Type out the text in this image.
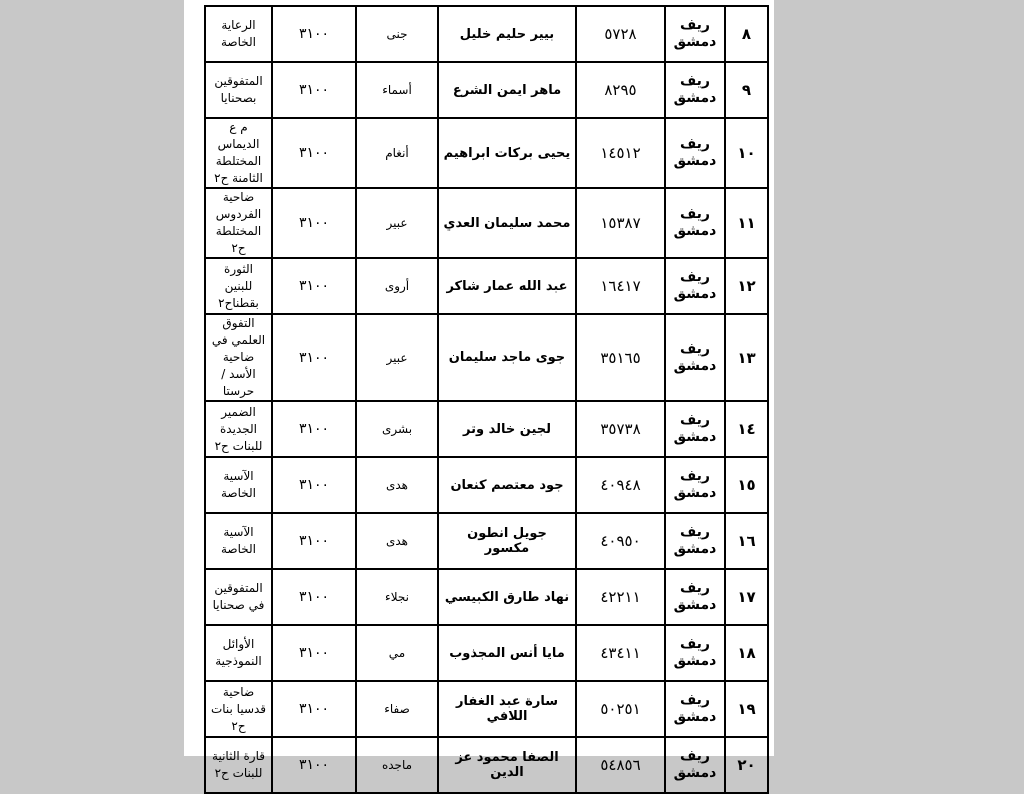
٨	ريف دمشق	٥٧٢٨	بيير حليم خليل	جنى	٣١٠٠	الرعاية الخاصة
٩	ريف دمشق	٨٢٩٥	ماهر ايمن الشرع	أسماء	٣١٠٠	المتفوقين بصحنايا
١٠	ريف دمشق	١٤٥١٢	يحيى بركات ابراهيم	أنغام	٣١٠٠	م ع الديماس المختلطة الثامنة ح٢
١١	ريف دمشق	١٥٣٨٧	محمد سليمان العدي	عبير	٣١٠٠	ضاحية الفردوس المختلطة ح٢
١٢	ريف دمشق	١٦٤١٧	عبد الله عمار شاكر	أروى	٣١٠٠	الثورة للبنين بقطناح٢
١٣	ريف دمشق	٣٥١٦٥	جوى ماجد سليمان	عبير	٣١٠٠	التفوق العلمي في ضاحية الأسد /حرستا
١٤	ريف دمشق	٣٥٧٣٨	لجين خالد وتر	بشرى	٣١٠٠	الضمير الجديدة للبنات ح٢
١٥	ريف دمشق	٤٠٩٤٨	جود معتصم كنعان	هدى	٣١٠٠	الآسية الخاصة
١٦	ريف دمشق	٤٠٩٥٠	جويل انطون مكسور	هدى	٣١٠٠	الآسية الخاصة
١٧	ريف دمشق	٤٢٢١١	نهاد طارق الكبيسي	نجلاء	٣١٠٠	المتفوقين في صحنايا
١٨	ريف دمشق	٤٣٤١١	مايا أنس المجذوب	مي	٣١٠٠	الأوائل النموذجية
١٩	ريف دمشق	٥٠٢٥١	سارة عبد الغفار اللافي	صفاء	٣١٠٠	ضاحية قدسيا بنات ح٢
٢٠	ريف دمشق	٥٤٨٥٦	الصفا محمود عز الدين	ماجده	٣١٠٠	قارة الثانية للبنات ح٢
